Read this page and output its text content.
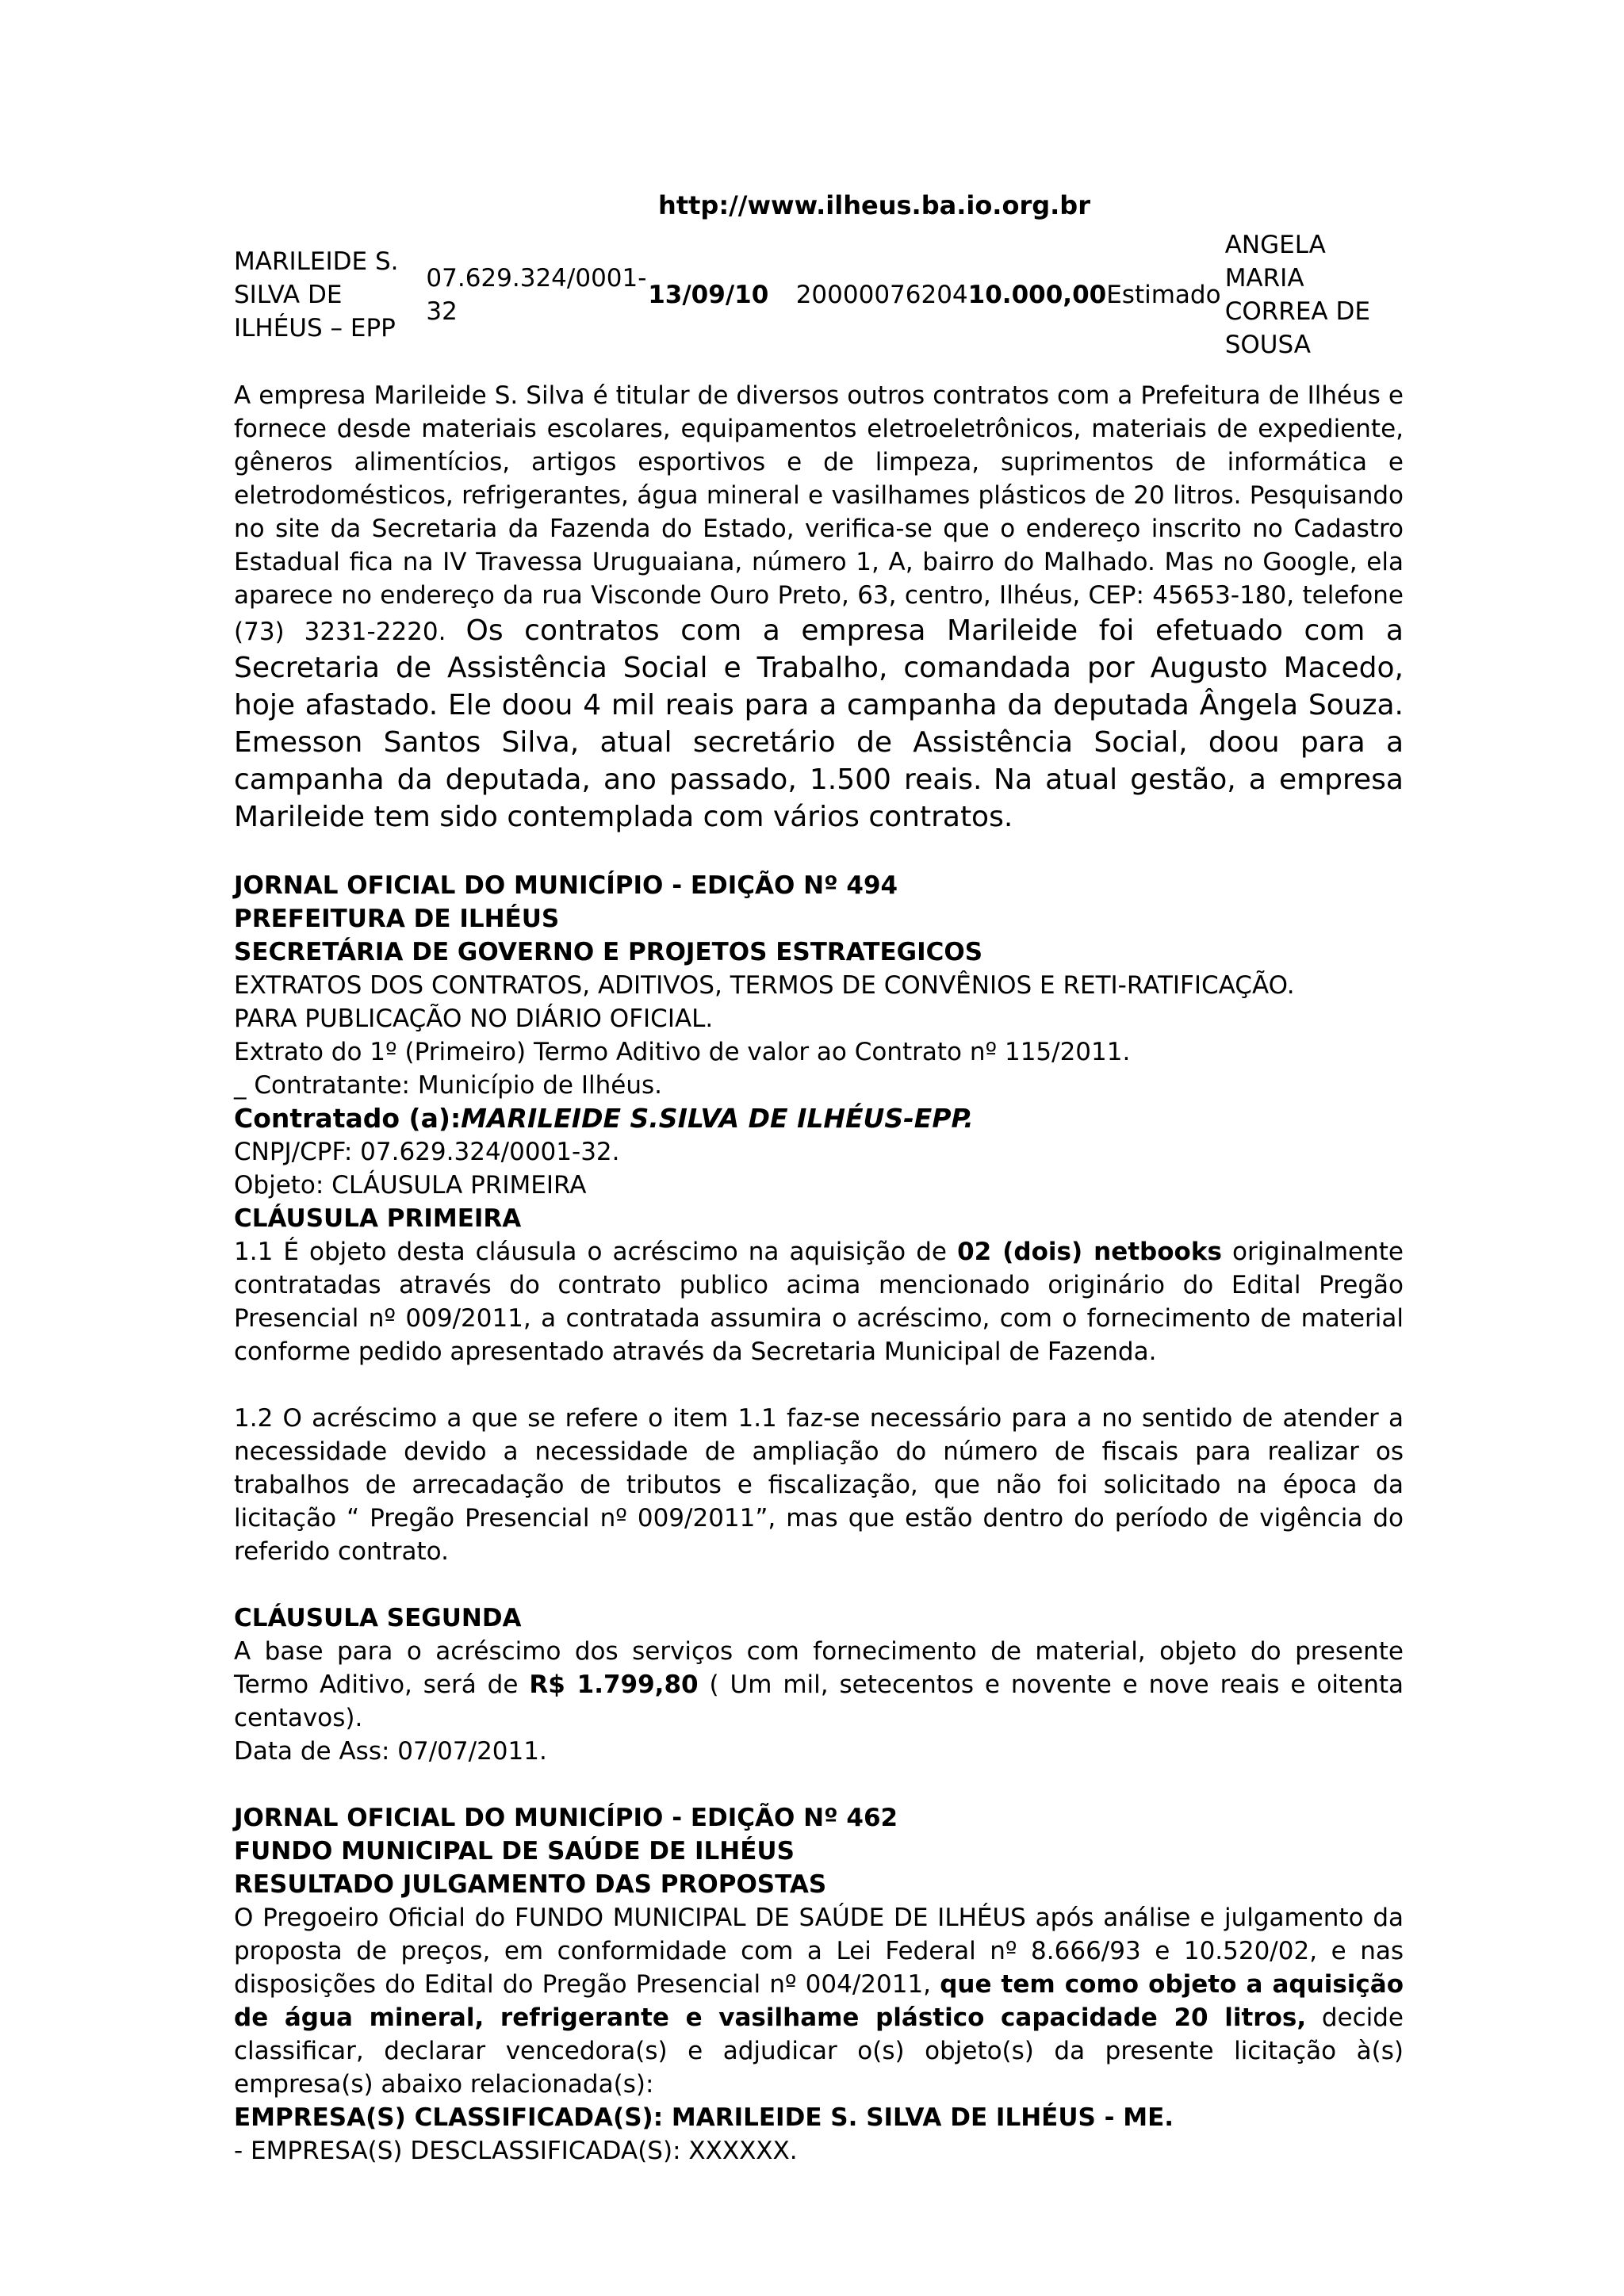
http://www.ilheus.ba.io.org.br
MARILEIDE S. SILVA DE ILHÉUS – EPP	07.629.324/0001-32	13/09/10	20000076204	10.000,00	Estimado	ANGELA MARIA CORREA DE SOUSA

A empresa Marileide S. Silva é titular de diversos outros contratos com a Prefeitura de Ilhéus e fornece desde materiais escolares, equipamentos eletroeletrônicos, materiais de expediente, gêneros alimentícios, artigos esportivos e de limpeza, suprimentos de informática e eletrodomésticos, refrigerantes, água mineral e vasilhames plásticos de 20 litros. Pesquisando no site da Secretaria da Fazenda do Estado, verifica-se que o endereço inscrito no Cadastro Estadual fica na IV Travessa Uruguaiana, número 1, A, bairro do Malhado. Mas no Google, ela aparece no endereço da rua Visconde Ouro Preto, 63, centro, Ilhéus, CEP: 45653-180, telefone (73) 3231-2220. Os contratos com a empresa Marileide foi efetuado com a Secretaria de Assistência Social e Trabalho, comandada por Augusto Macedo, hoje afastado. Ele doou 4 mil reais para a campanha da deputada Ângela Souza. Emesson Santos Silva, atual secretário de Assistência Social, doou para a campanha da deputada, ano passado, 1.500 reais. Na atual gestão, a empresa Marileide tem sido contemplada com vários contratos.

JORNAL OFICIAL DO MUNICÍPIO - EDIÇÃO Nº 494
PREFEITURA DE ILHÉUS
SECRETÁRIA DE GOVERNO E PROJETOS ESTRATEGICOS
EXTRATOS DOS CONTRATOS, ADITIVOS, TERMOS DE CONVÊNIOS E RETI-RATIFICAÇÃO.
PARA PUBLICAÇÃO NO DIÁRIO OFICIAL.
Extrato do 1º (Primeiro) Termo Aditivo de valor ao Contrato nº 115/2011.
_ Contratante: Município de Ilhéus.
Contratado (a):MARILEIDE S.SILVA DE ILHÉUS-EPP.
CNPJ/CPF: 07.629.324/0001-32.
Objeto: CLÁUSULA PRIMEIRA
CLÁUSULA PRIMEIRA

1.1 É objeto desta cláusula o acréscimo na aquisição de 02 (dois) netbooks originalmente contratadas através do contrato publico acima mencionado originário do Edital Pregão Presencial nº 009/2011, a contratada assumira o acréscimo, com o fornecimento de material conforme pedido apresentado através da Secretaria Municipal de Fazenda.

1.2 O acréscimo a que se refere o item 1.1 faz-se necessário para a no sentido de atender a necessidade devido a necessidade de ampliação do número de fiscais para realizar os trabalhos de arrecadação de tributos e fiscalização, que não foi solicitado na época da licitação “ Pregão Presencial nº 009/2011”, mas que estão dentro do período de vigência do referido contrato.

CLÁUSULA SEGUNDA

A base para o acréscimo dos serviços com fornecimento de material, objeto do presente Termo Aditivo, será de R$ 1.799,80 ( Um mil, setecentos e novente e nove reais e oitenta centavos).

Data de Ass: 07/07/2011.
JORNAL OFICIAL DO MUNICÍPIO - EDIÇÃO Nº 462
FUNDO MUNICIPAL DE SAÚDE DE ILHÉUS
RESULTADO JULGAMENTO DAS PROPOSTAS

O Pregoeiro Oficial do FUNDO MUNICIPAL DE SAÚDE DE ILHÉUS após análise e julgamento da proposta de preços, em conformidade com a Lei Federal nº 8.666/93 e 10.520/02, e nas disposições do Edital do Pregão Presencial nº 004/2011, que tem como objeto a aquisição de água mineral, refrigerante e vasilhame plástico capacidade 20 litros, decide classificar, declarar vencedora(s) e adjudicar o(s) objeto(s) da presente licitação à(s) empresa(s) abaixo relacionada(s):

EMPRESA(S) CLASSIFICADA(S): MARILEIDE S. SILVA DE ILHÉUS - ME.
- EMPRESA(S) DESCLASSIFICADA(S): XXXXXX.
